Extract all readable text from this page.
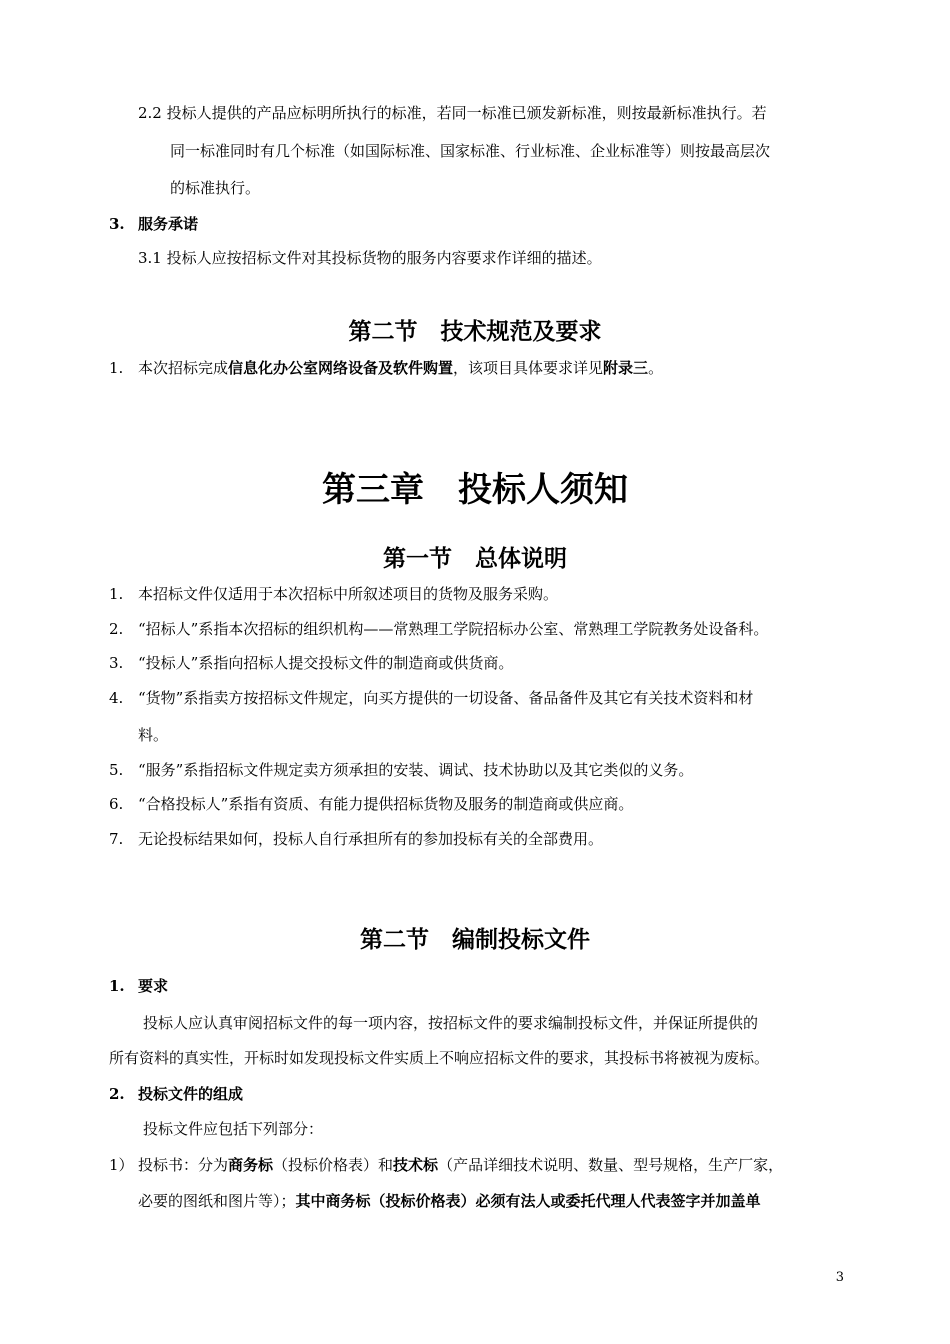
2.2 投标人提供的产品应标明所执行的标准，若同一标准已颁发新标准，则按最新标准执行。若
同一标准同时有几个标准（如国际标准、国家标准、行业标准、企业标准等）则按最高层次
的标准执行。
3. 服务承诺
3.1 投标人应按招标文件对其投标货物的服务内容要求作详细的描述。
第二节　技术规范及要求
1. 本次招标完成信息化办公室网络设备及软件购置，该项目具体要求详见附录三。
第三章　投标人须知
第一节　总体说明
1. 本招标文件仅适用于本次招标中所叙述项目的货物及服务采购。
2. “招标人”系指本次招标的组织机构——常熟理工学院招标办公室、常熟理工学院教务处设备科。
3. “投标人”系指向招标人提交投标文件的制造商或供货商。
4. “货物”系指卖方按招标文件规定，向买方提供的一切设备、备品备件及其它有关技术资料和材
料。
5. “服务”系指招标文件规定卖方须承担的安装、调试、技术协助以及其它类似的义务。
6. “合格投标人”系指有资质、有能力提供招标货物及服务的制造商或供应商。
7. 无论投标结果如何，投标人自行承担所有的参加投标有关的全部费用。
第二节　编制投标文件
1. 要求
投标人应认真审阅招标文件的每一项内容，按招标文件的要求编制投标文件，并保证所提供的
所有资料的真实性，开标时如发现投标文件实质上不响应招标文件的要求，其投标书将被视为废标。
2. 投标文件的组成
投标文件应包括下列部分：
1） 投标书：分为商务标（投标价格表）和技术标（产品详细技术说明、数量、型号规格，生产厂家，
必要的图纸和图片等）；其中商务标（投标价格表）必须有法人或委托代理人代表签字并加盖单
3
